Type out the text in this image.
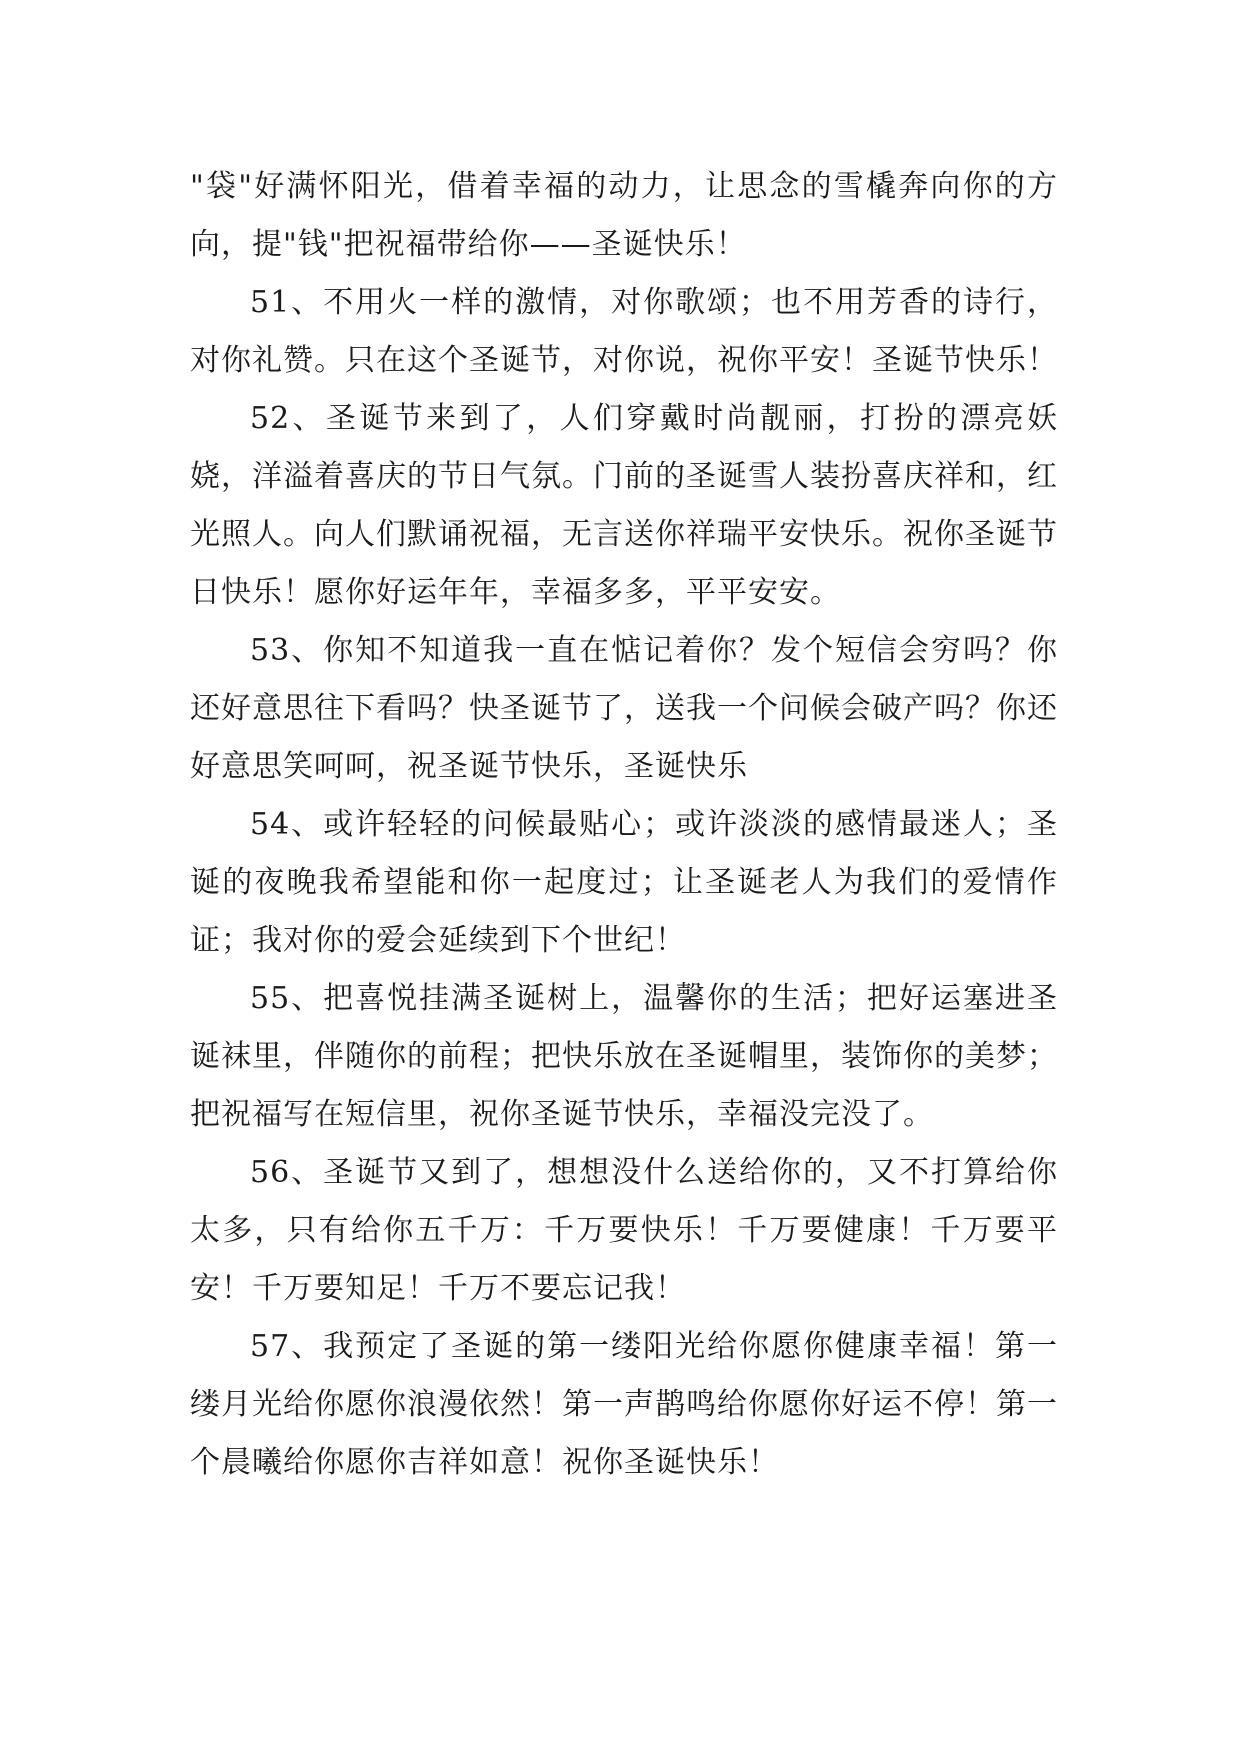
"袋"好满怀阳光，借着幸福的动力，让思念的雪橇奔向你的方向，提"钱"把祝福带给你——圣诞快乐！

51、不用火一样的激情，对你歌颂；也不用芳香的诗行，对你礼赞。只在这个圣诞节，对你说，祝你平安！圣诞节快乐！

52、圣诞节来到了，人们穿戴时尚靓丽，打扮的漂亮妖娆，洋溢着喜庆的节日气氛。门前的圣诞雪人装扮喜庆祥和，红光照人。向人们默诵祝福，无言送你祥瑞平安快乐。祝你圣诞节日快乐！愿你好运年年，幸福多多，平平安安。

53、你知不知道我一直在惦记着你？发个短信会穷吗？你还好意思往下看吗？快圣诞节了，送我一个问候会破产吗？你还好意思笑呵呵，祝圣诞节快乐，圣诞快乐

54、或许轻轻的问候最贴心；或许淡淡的感情最迷人；圣诞的夜晚我希望能和你一起度过；让圣诞老人为我们的爱情作证；我对你的爱会延续到下个世纪！

55、把喜悦挂满圣诞树上，温馨你的生活；把好运塞进圣诞袜里，伴随你的前程；把快乐放在圣诞帽里，装饰你的美梦；把祝福写在短信里，祝你圣诞节快乐，幸福没完没了。

56、圣诞节又到了，想想没什么送给你的，又不打算给你太多，只有给你五千万：千万要快乐！千万要健康！千万要平安！千万要知足！千万不要忘记我！

57、我预定了圣诞的第一缕阳光给你愿你健康幸福！第一缕月光给你愿你浪漫依然！第一声鹊鸣给你愿你好运不停！第一个晨曦给你愿你吉祥如意！祝你圣诞快乐！
